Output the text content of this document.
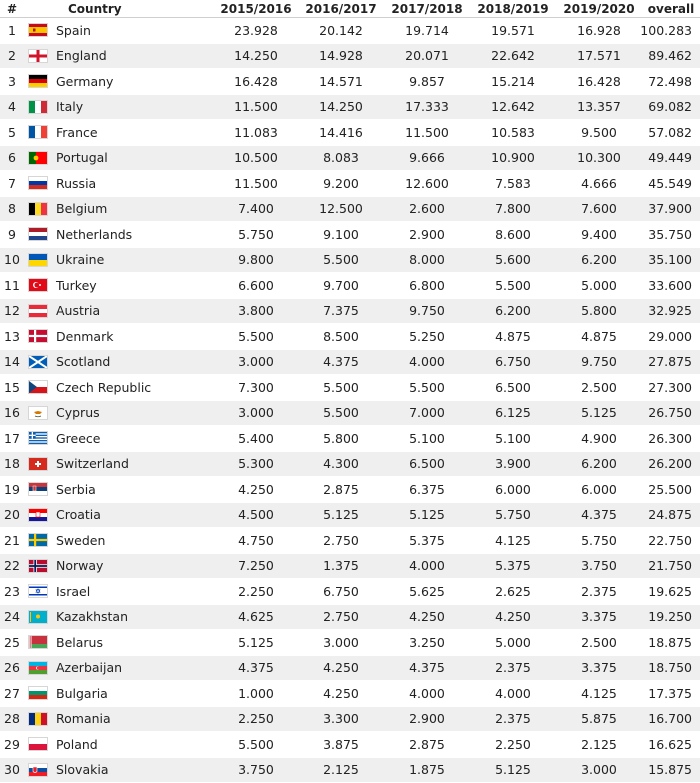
#	Country	2015/2016	2016/2017	2017/2018	2018/2019	2019/2020	overall
1	Spain	23.928	20.142	19.714	19.571	16.928	100.283
2	England	14.250	14.928	20.071	22.642	17.571	89.462
3	Germany	16.428	14.571	9.857	15.214	16.428	72.498
4	Italy	11.500	14.250	17.333	12.642	13.357	69.082
5	France	11.083	14.416	11.500	10.583	9.500	57.082
6	Portugal	10.500	8.083	9.666	10.900	10.300	49.449
7	Russia	11.500	9.200	12.600	7.583	4.666	45.549
8	Belgium	7.400	12.500	2.600	7.800	7.600	37.900
9	Netherlands	5.750	9.100	2.900	8.600	9.400	35.750
10	Ukraine	9.800	5.500	8.000	5.600	6.200	35.100
11	Turkey	6.600	9.700	6.800	5.500	5.000	33.600
12	Austria	3.800	7.375	9.750	6.200	5.800	32.925
13	Denmark	5.500	8.500	5.250	4.875	4.875	29.000
14	Scotland	3.000	4.375	4.000	6.750	9.750	27.875
15	Czech Republic	7.300	5.500	5.500	6.500	2.500	27.300
16	Cyprus	3.000	5.500	7.000	6.125	5.125	26.750
17	Greece	5.400	5.800	5.100	5.100	4.900	26.300
18	Switzerland	5.300	4.300	6.500	3.900	6.200	26.200
19	Serbia	4.250	2.875	6.375	6.000	6.000	25.500
20	Croatia	4.500	5.125	5.125	5.750	4.375	24.875
21	Sweden	4.750	2.750	5.375	4.125	5.750	22.750
22	Norway	7.250	1.375	4.000	5.375	3.750	21.750
23	Israel	2.250	6.750	5.625	2.625	2.375	19.625
24	Kazakhstan	4.625	2.750	4.250	4.250	3.375	19.250
25	Belarus	5.125	3.000	3.250	5.000	2.500	18.875
26	Azerbaijan	4.375	4.250	4.375	2.375	3.375	18.750
27	Bulgaria	1.000	4.250	4.000	4.000	4.125	17.375
28	Romania	2.250	3.300	2.900	2.375	5.875	16.700
29	Poland	5.500	3.875	2.875	2.250	2.125	16.625
30	Slovakia	3.750	2.125	1.875	5.125	3.000	15.875
